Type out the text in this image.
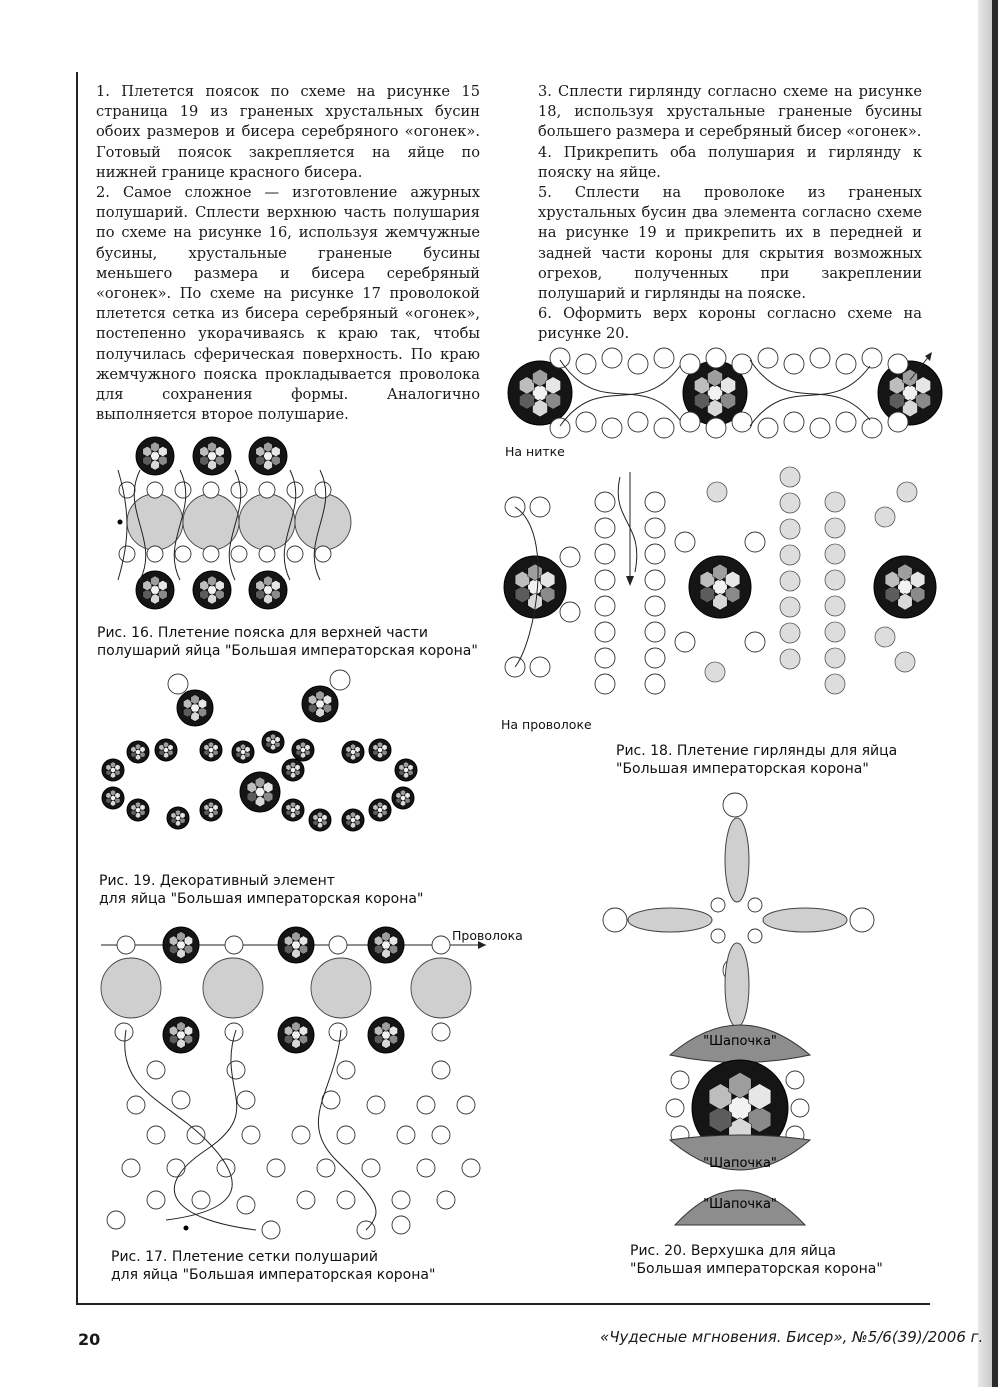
1. Плетется поясок по схеме на рисунке 15 страница 19 из граненых хрустальных бусин обоих размеров и бисера серебряного «огонек». Готовый поясок закрепляется на яйце по нижней границе красного бисера.

2. Самое сложное — изготовление ажурных полушарий. Сплести верхнюю часть полушария по схеме на рисунке 16, используя жемчужные бусины, хрустальные граненые бусины меньшего размера и бисера серебряный «огонек». По схеме на рисунке 17 проволокой плетется сетка из бисера серебряный «огонек», постепенно укорачиваясь к краю так, чтобы получилась сферическая поверхность. По краю жемчужного пояска прокладывается проволока для сохранения формы. Аналогично выполняется второе полушарие.

3. Сплести гирлянду согласно схеме на рисунке 18, используя хрустальные граненые бусины большего размера и серебряный бисер «огонек».

4. Прикрепить оба полушария и гирлянду к пояску на яйце.

5. Сплести на проволоке из граненых хрустальных бусин два элемента согласно схеме на рисунке 19 и прикрепить их в передней и задней части короны для скрытия возможных огрехов, полученных при закреплении полушарий и гирлянды на пояске.

6. Оформить верх короны согласно схеме на рисунке 20.

Рис. 16. Плетение пояска для верхней части
полушарий яйца "Большая императорская корона"
Рис. 19. Декоративный элемент
для яйца "Большая императорская корона"
Проволока
Рис. 17. Плетение сетки полушарий
для яйца "Большая императорская корона"
На нитке
На проволоке
Рис. 18. Плетение гирлянды для яйца
"Большая императорская корона"
"Шапочка"
"Шапочка"
"Шапочка"
Рис. 20. Верхушка для яйца
"Большая императорская корона"
20	«Чудесные мгновения. Бисер», №5/6(39)/2006 г.
